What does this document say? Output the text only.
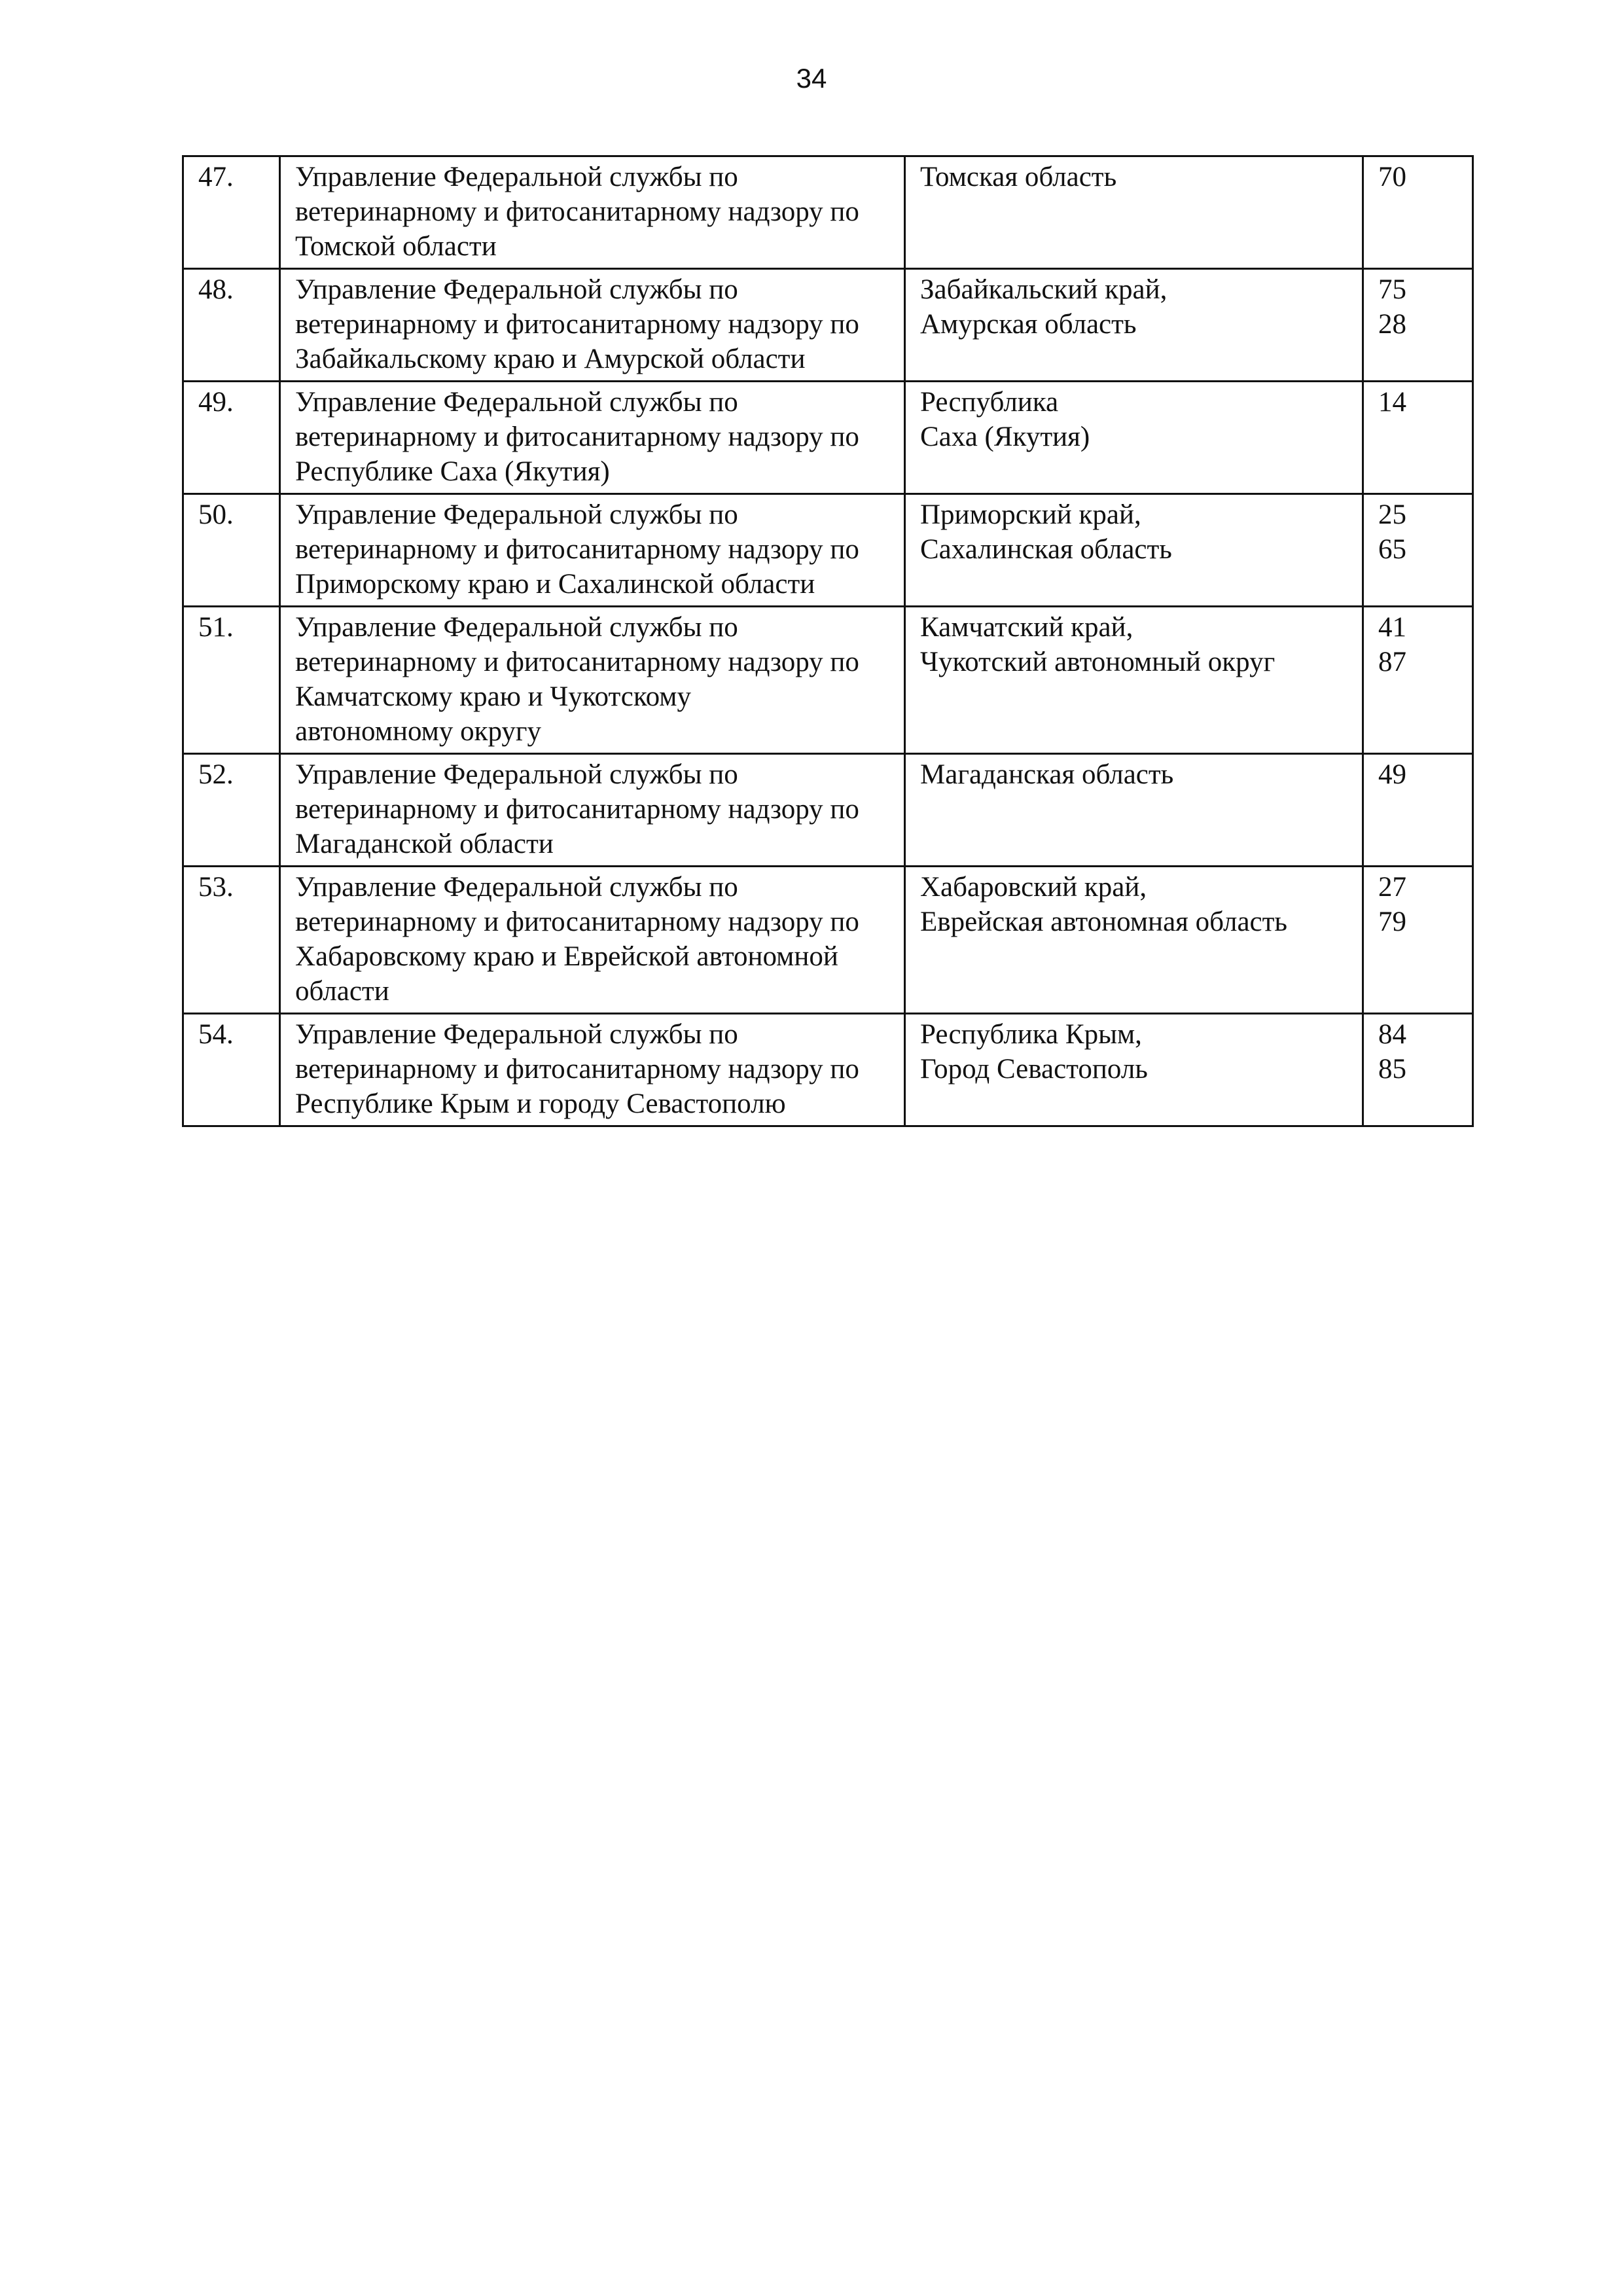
34
47.	Управление Федеральной службы по
ветеринарному и фитосанитарному надзору по
Томской области	Томская область	70

48.	Управление Федеральной службы по
ветеринарному и фитосанитарному надзору по
Забайкальскому краю и Амурской области	Забайкальский край,
Амурская область	75
28

49.	Управление Федеральной службы по
ветеринарному и фитосанитарному надзору по
Республике Саха (Якутия)	Республика
Саха (Якутия)	14

50.	Управление Федеральной службы по
ветеринарному и фитосанитарному надзору по
Приморскому краю и Сахалинской области	Приморский край,
Сахалинская область	25
65

51.	Управление Федеральной службы по
ветеринарному и фитосанитарному надзору по
Камчатскому краю и Чукотскому
автономному округу	Камчатский край,
Чукотский автономный округ	41
87

52.	Управление Федеральной службы по
ветеринарному и фитосанитарному надзору по
Магаданской области	Магаданская область	49

53.	Управление Федеральной службы по
ветеринарному и фитосанитарному надзору по
Хабаровскому краю и Еврейской автономной
области	Хабаровский край,
Еврейская автономная область	27
79

54.	Управление Федеральной службы по
ветеринарному и фитосанитарному надзору по
Республике Крым и городу Севастополю	Республика Крым,
Город Севастополь	84
85
